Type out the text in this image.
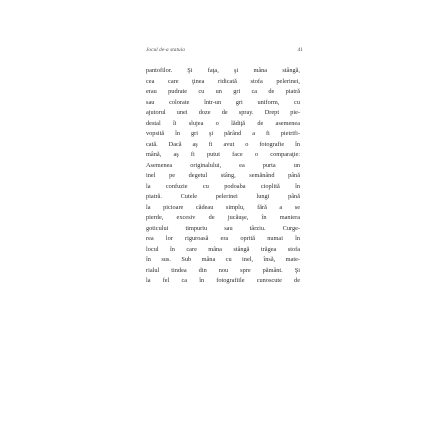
Jocul de-a statuia	41
pantofilor. Şi faţa, şi mâna stângă,
cea care ţinea ridicată stofa pelerinei,
erau pudrate cu un gri ca de piatră
sau colorate într-un gri uniform, cu
ajutorul unei doze de spray. Drept pie-
destal îi slujea o lădiţă de asemenea
vopsită în gri şi părând a fi pietrifi-
cată. Dacă aş fi avut o fotografie în
mână, aş fi putut face o comparaţie:
Asemenea originalului, ea purta un
inel pe degetul stâng, semănând până
la confuzie cu podoaba cioplită în
piatră. Cutele pelerinei lungi până
la picioare cădeau simplu, fără a se
pierde, excesiv de jucăuşe, în maniera
goticului timpuriu sau târziu. Curge-
rea lor riguroasă era oprită numai în
locul în care mâna stângă trăgea stofa
în sus. Sub mâna cu inel, însă, mate-
rialul tindea din nou spre pământ. Şi
la fel ca în fotografiile cunoscute de
